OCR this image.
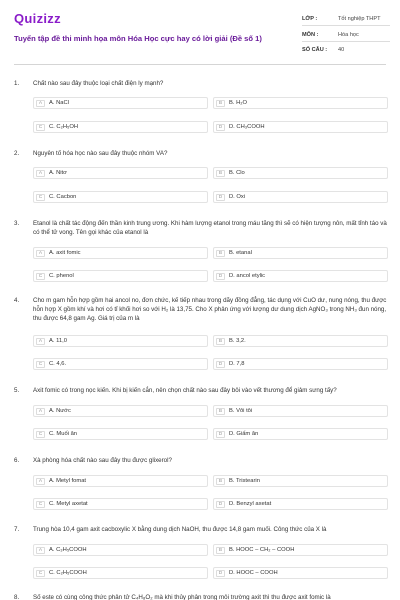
Quizizz
Tuyển tập đề thi minh họa môn Hóa Học cực hay có lời giải (Đề số 1)
LỚP :	Tốt nghiệp THPT
MÔN :	Hóa học
SỐ CÂU : 40
1. Chất nào sau đây thuộc loại chất điện ly mạnh?
A	A. NaCl	B	B. H₂O
C	C. C₂H₅OH	D	D. CH₃COOH
2. Nguyên tố hóa học nào sau đây thuộc nhóm VA?
A	A. Nitơ	B	B. Clo
C	C. Cacbon	D	D. Oxi
3. Etanol là chất tác động đến thần kinh trung ương. Khi hàm lượng etanol trong máu tăng thì sẽ có hiện tượng nôn, mất tỉnh táo và có thể tử vong. Tên gọi khác của etanol là
A	A. axit fomic	B	B. etanal
C	C. phenol	D	D. ancol etylic
4. Cho m gam hỗn hợp gồm hai ancol no, đơn chức, kế tiếp nhau trong dãy đồng đẳng, tác dụng với CuO dư, nung nóng, thu được hỗn hợp X gồm khí và hơi có tỉ khối hơi so với H₂ là 13,75. Cho X phản ứng với lượng dư dung dịch AgNO₃ trong NH₃ đun nóng, thu được 64,8 gam Ag. Giá trị của m là
A	A. 11,0	B	B. 3,2.
C	C. 4,6.	D	D. 7,8
5. Axit fomic có trong nọc kiến. Khi bị kiến cắn, nên chọn chất nào sau đây bôi vào vết thương để giảm sưng tấy?
A	A. Nước	B	B. Vôi tôi
C	C. Muối ăn	D	D. Giấm ăn
6. Xà phòng hóa chất nào sau đây thu được glixerol?
A	A. Metyl fomat	B	B. Tristearin
C	C. Metyl axetat	D	D. Benzyl axetat
7. Trung hòa 10,4 gam axit cacboxylic X bằng dung dịch NaOH, thu được 14,8 gam muối. Công thức của X là
A	A. C₃H₅COOH	B	B. HOOC – CH₂ – COOH
C	C. C₂H₅COOH	D	D. HOOC – COOH
8. Số este có cùng công thức phân tử C₄H₈O₂ mà khi thủy phân trong môi trường axit thì thu được axit fomic là
